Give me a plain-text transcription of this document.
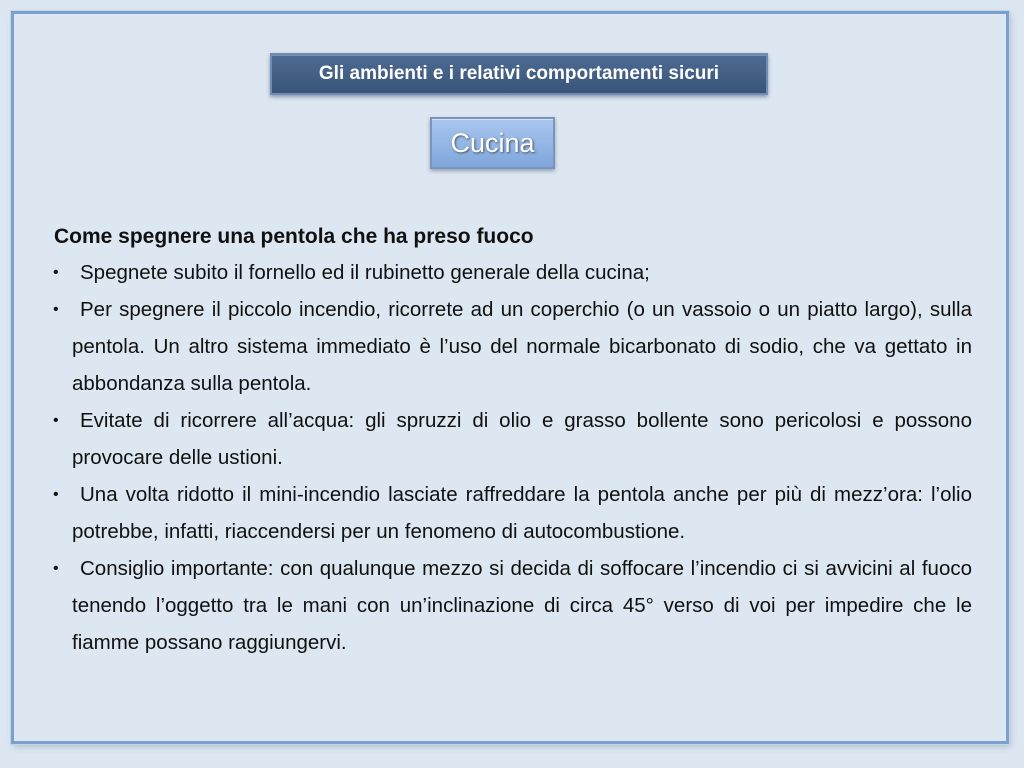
Gli ambienti e i relativi comportamenti sicuri
Cucina
Come spegnere una pentola che ha preso fuoco
• Spegnete subito il fornello ed il rubinetto generale della cucina;
• Per spegnere il piccolo incendio, ricorrete ad un coperchio (o un vassoio o un piatto largo), sulla pentola. Un altro sistema immediato è l’uso del normale bicarbonato di sodio, che va gettato in abbondanza sulla pentola.
• Evitate di ricorrere all’acqua: gli spruzzi di olio e grasso bollente sono pericolosi e possono provocare delle ustioni.
• Una volta ridotto il mini-incendio lasciate raffreddare la pentola anche per più di mezz’ora: l’olio potrebbe, infatti, riaccendersi per un fenomeno di autocombustione.
• Consiglio importante: con qualunque mezzo si decida di soffocare l’incendio ci si avvicini al fuoco tenendo l’oggetto tra le mani con un’inclinazione di circa 45° verso di voi per impedire che le fiamme possano raggiungervi.
